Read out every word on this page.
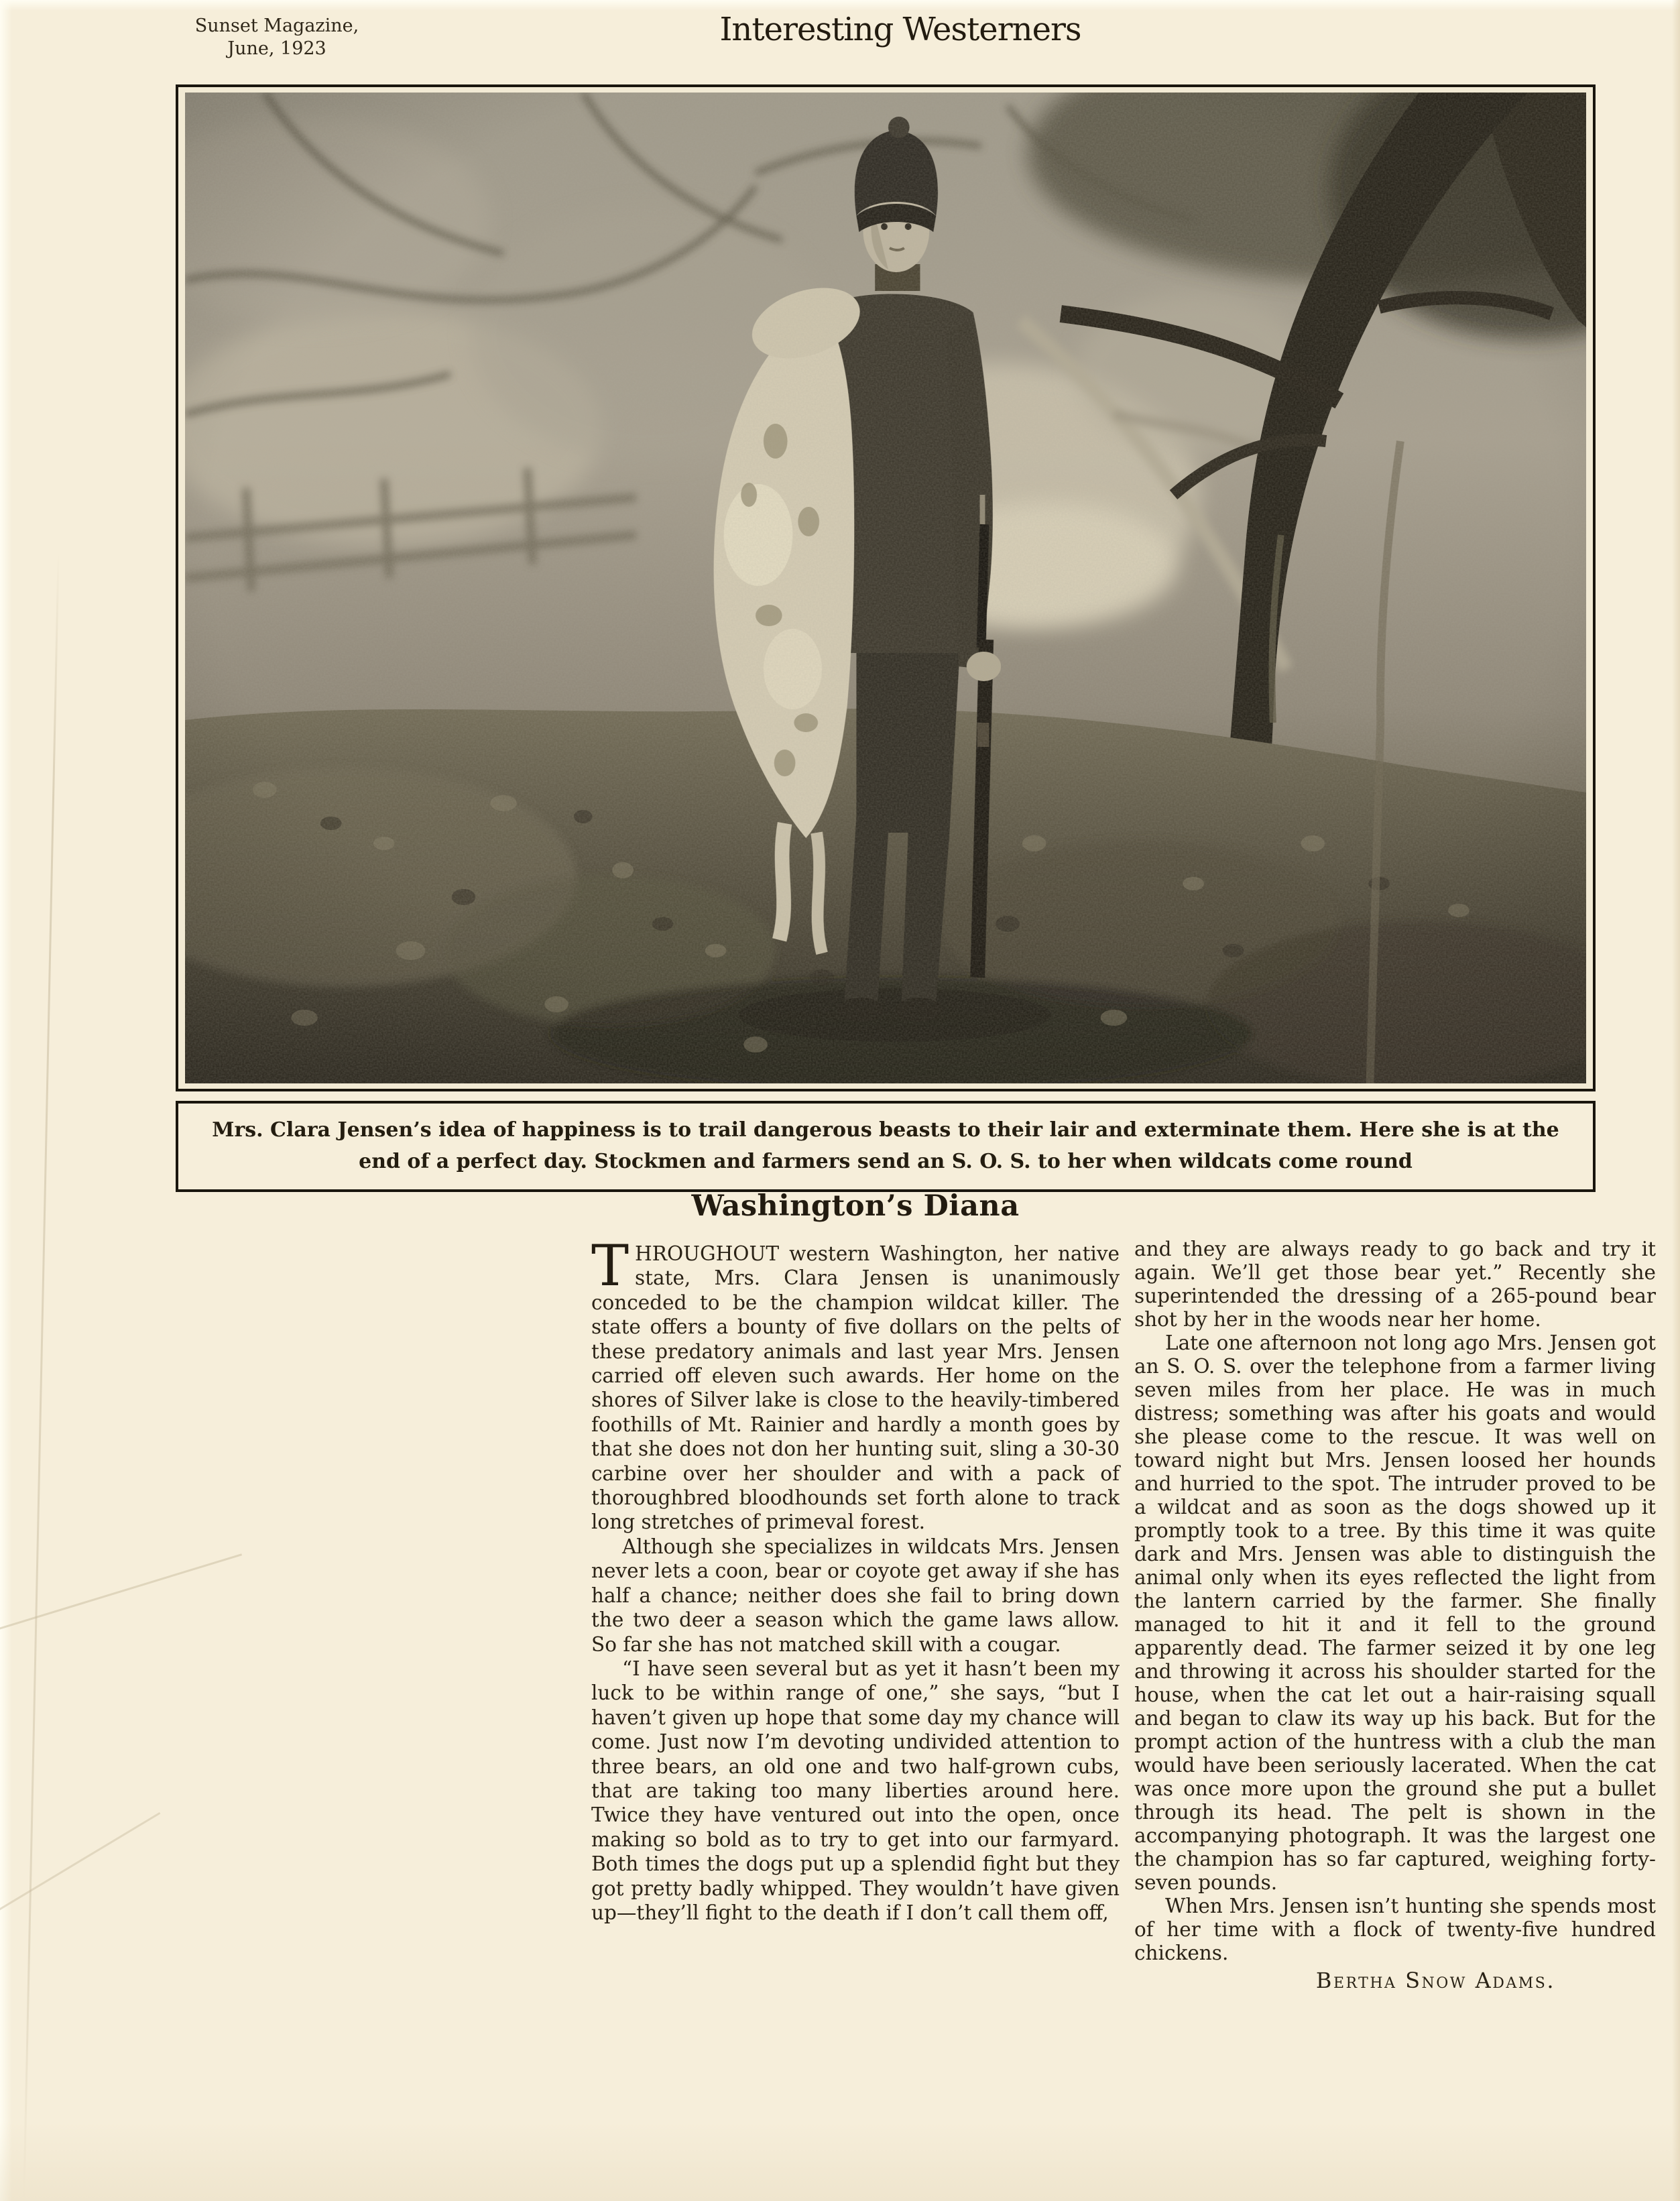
Sunset Magazine,
June, 1923
Interesting Westerners
Mrs. Clara Jensen’s idea of happiness is to trail dangerous beasts to their lair and exterminate them. Here she is at the end of a perfect day. Stockmen and farmers send an S. O. S. to her when wildcats come round
Washington’s Diana

THROUGHOUT western Washington, her native state, Mrs. Clara Jensen is unanimously conceded to be the champion wildcat killer. The state offers a bounty of five dollars on the pelts of these predatory animals and last year Mrs. Jensen carried off eleven such awards. Her home on the shores of Silver lake is close to the heavily-timbered foothills of Mt. Rainier and hardly a month goes by that she does not don her hunting suit, sling a 30-30 carbine over her shoulder and with a pack of thoroughbred bloodhounds set forth alone to track long stretches of primeval forest.

Although she specializes in wildcats Mrs. Jensen never lets a coon, bear or coyote get away if she has half a chance; neither does she fail to bring down the two deer a season which the game laws allow. So far she has not matched skill with a cougar.

“I have seen several but as yet it hasn’t been my luck to be within range of one,” she says, “but I haven’t given up hope that some day my chance will come. Just now I’m devoting undivided attention to three bears, an old one and two half-grown cubs, that are taking too many liberties around here. Twice they have ventured out into the open, once making so bold as to try to get into our farmyard. Both times the dogs put up a splendid fight but they got pretty badly whipped. They wouldn’t have given up—they’ll fight to the death if I don’t call them off,

and they are always ready to go back and try it again. We’ll get those bear yet.” Recently she superintended the dressing of a 265-pound bear shot by her in the woods near her home.

Late one afternoon not long ago Mrs. Jensen got an S. O. S. over the telephone from a farmer living seven miles from her place. He was in much distress; something was after his goats and would she please come to the rescue. It was well on toward night but Mrs. Jensen loosed her hounds and hurried to the spot. The intruder proved to be a wildcat and as soon as the dogs showed up it promptly took to a tree. By this time it was quite dark and Mrs. Jensen was able to distinguish the animal only when its eyes reflected the light from the lantern carried by the farmer. She finally managed to hit it and it fell to the ground apparently dead. The farmer seized it by one leg and throwing it across his shoulder started for the house, when the cat let out a hair-raising squall and began to claw its way up his back. But for the prompt action of the huntress with a club the man would have been seriously lacerated. When the cat was once more upon the ground she put a bullet through its head. The pelt is shown in the accompanying photograph. It was the largest one the champion has so far captured, weighing forty-seven pounds.

When Mrs. Jensen isn’t hunting she spends most of her time with a flock of twenty-five hundred chickens.

Bertha Snow Adams.
